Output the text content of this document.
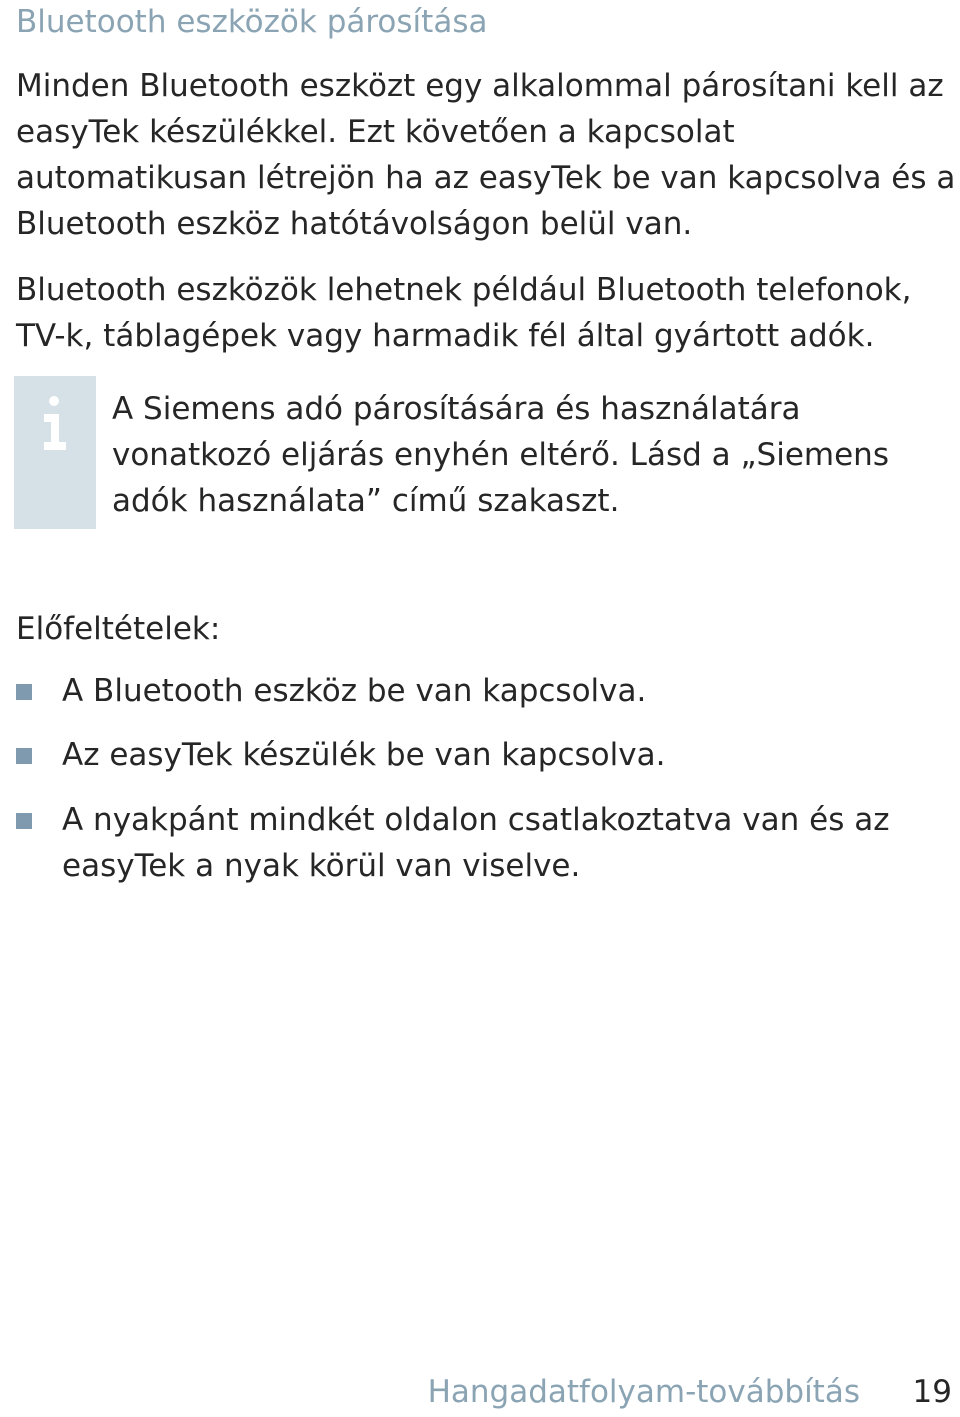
Bluetooth eszközök párosítása

Minden Bluetooth eszközt egy alkalommal párosítani kell az easyTek készülékkel. Ezt követően a kapcsolat automatikusan létrejön ha az easyTek be van kapcsolva és a Bluetooth eszköz hatótávolságon belül van.

Bluetooth eszközök lehetnek például Bluetooth telefonok, TV-k, táblagépek vagy harmadik fél által gyártott adók.

A Siemens adó párosítására és használatára vonatkozó eljárás enyhén eltérő. Lásd a „Siemens adók használata” című szakaszt.

Előfeltételek:

A Bluetooth eszköz be van kapcsolva.

Az easyTek készülék be van kapcsolva.

A nyakpánt mindkét oldalon csatlakoztatva van és az easyTek a nyak körül van viselve.

Hangadatfolyam-továbbítás 19
